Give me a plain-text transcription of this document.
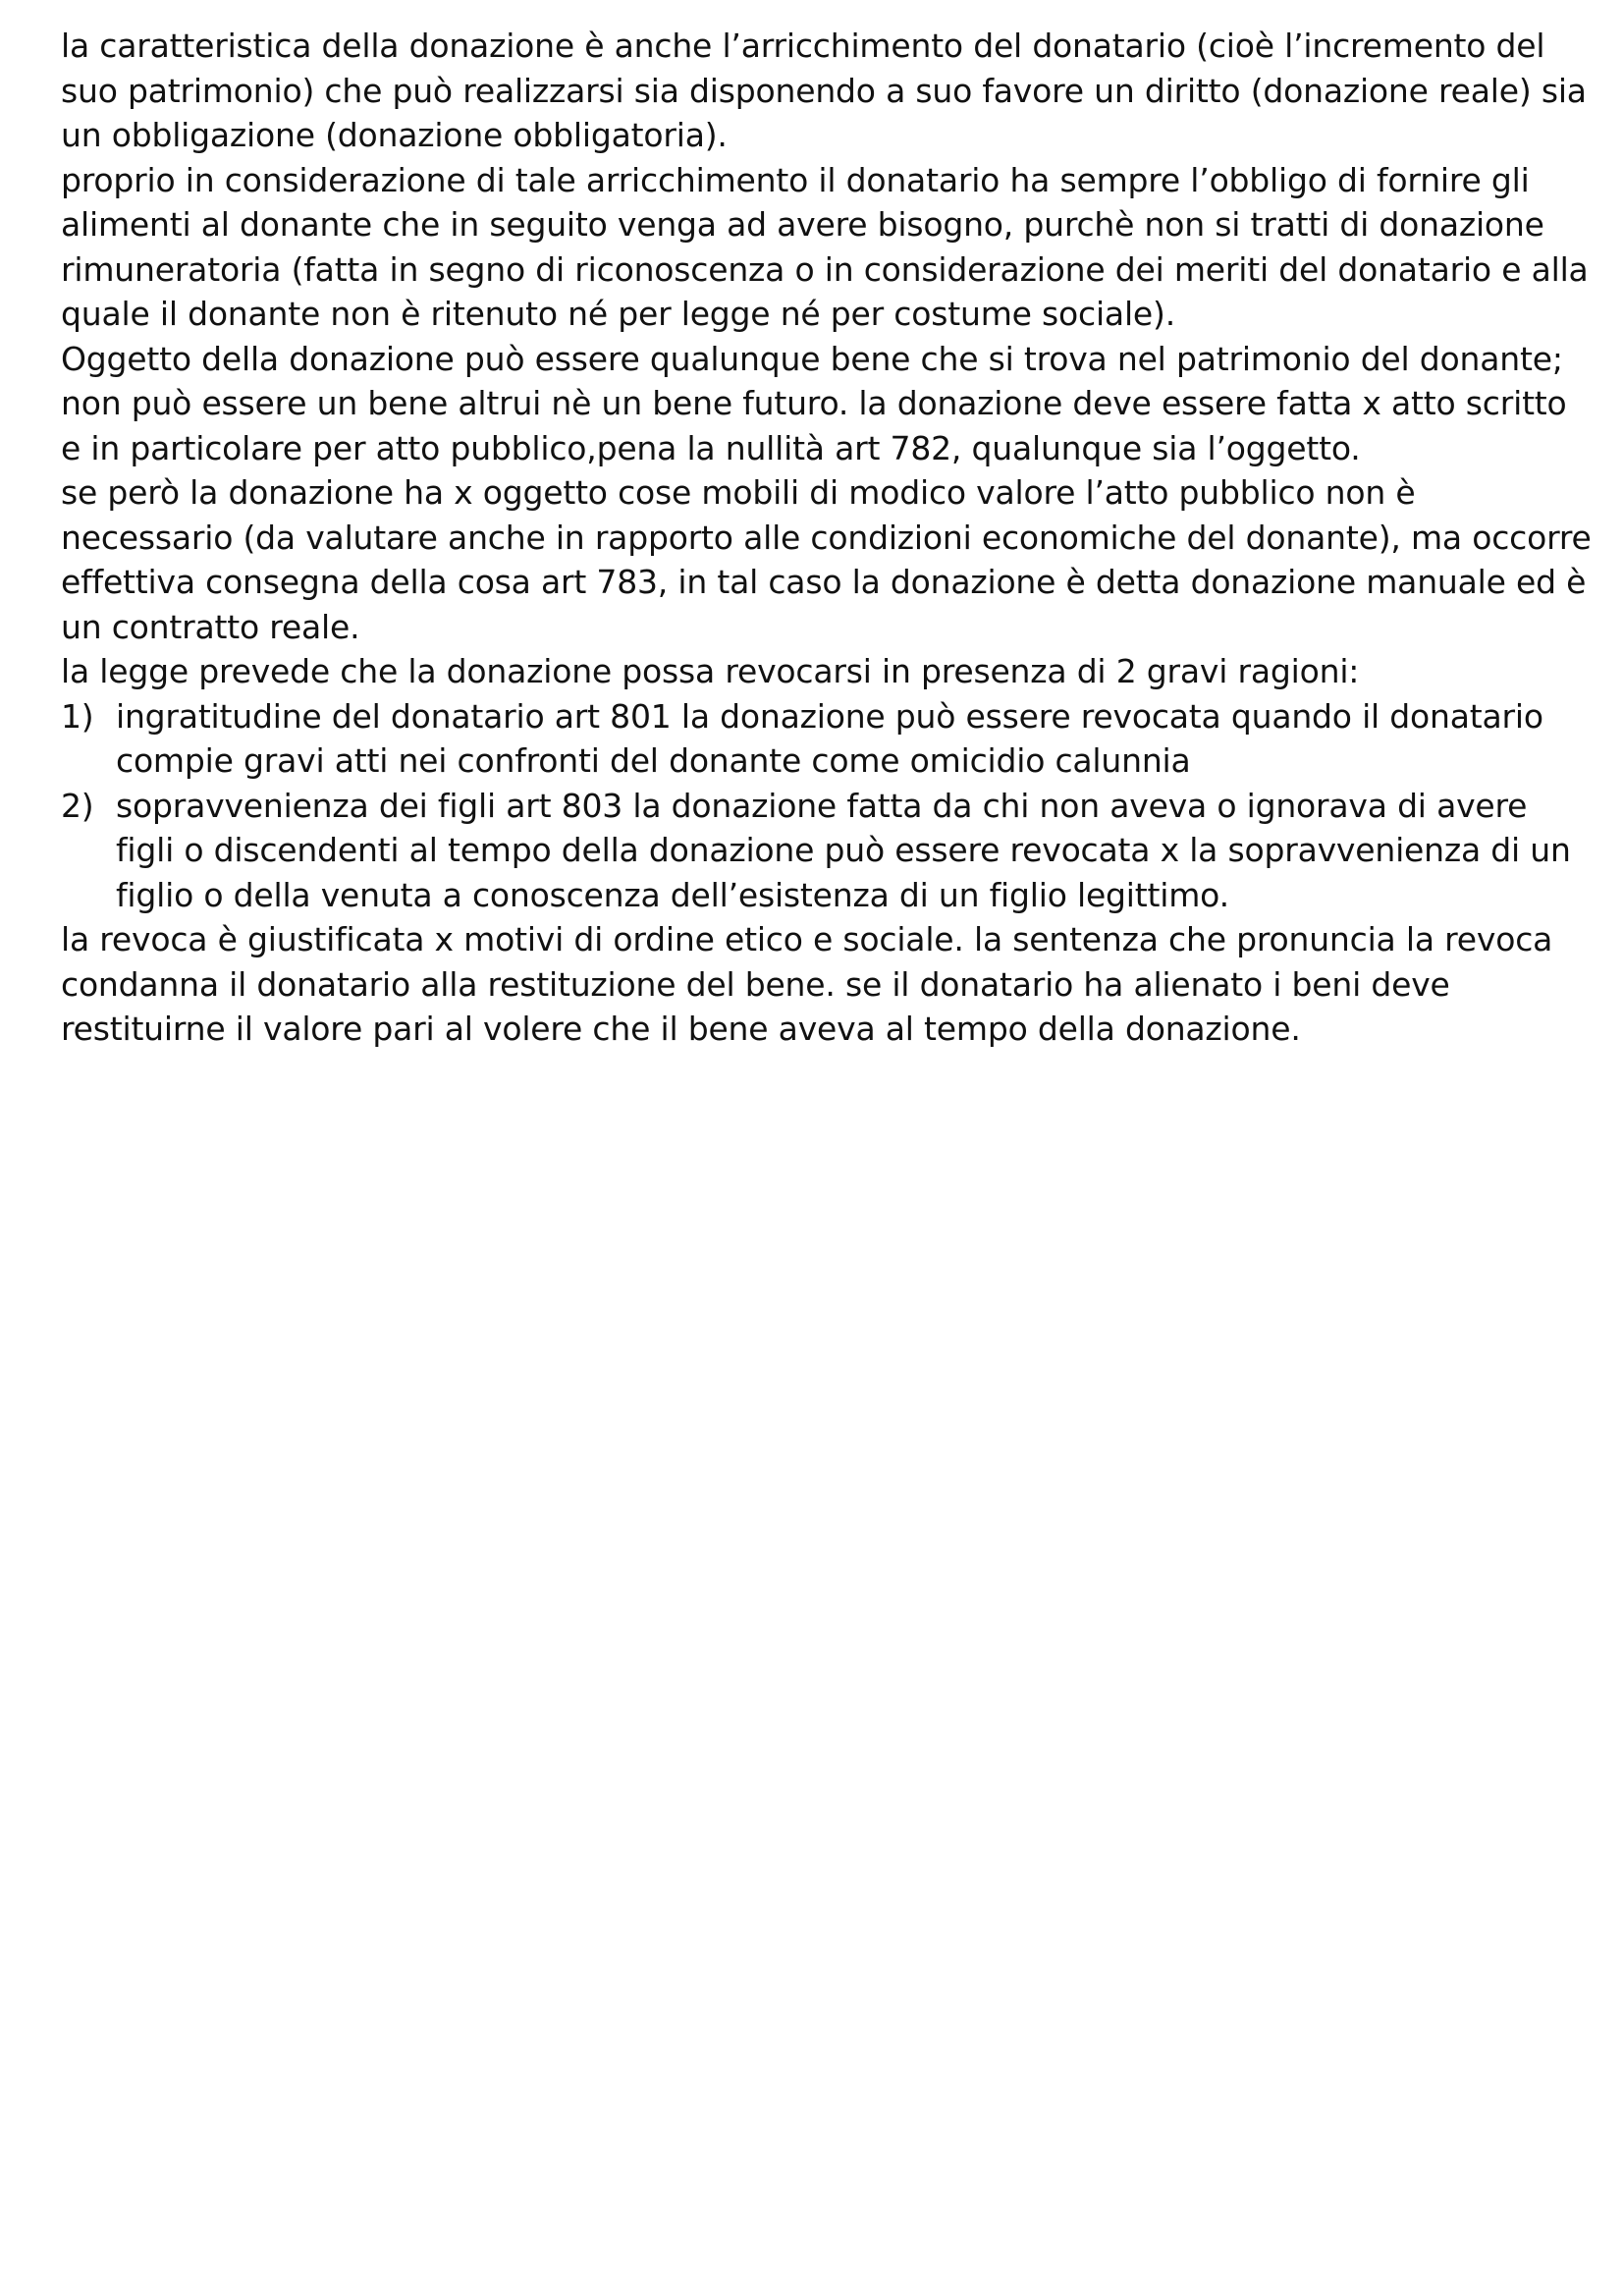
la caratteristica della donazione è anche l’arricchimento del donatario (cioè l’incremento del suo patrimonio) che può realizzarsi sia disponendo a suo favore un diritto (donazione reale) sia un obbligazione (donazione obbligatoria).

proprio in considerazione di tale arricchimento il donatario ha sempre l’obbligo di fornire gli alimenti al donante che in seguito venga ad avere bisogno, purchè non si tratti di donazione rimuneratoria (fatta in segno di riconoscenza o in considerazione dei meriti del donatario e alla quale il donante non è ritenuto né per legge né per costume sociale).

Oggetto della donazione può essere qualunque bene che si trova nel patrimonio del donante; non può essere un bene altrui nè un bene futuro. la donazione deve essere fatta x atto scritto e in particolare per atto pubblico,pena la nullità art 782, qualunque sia l’oggetto.

se però la donazione ha x oggetto cose mobili di modico valore l’atto pubblico non è necessario (da valutare anche in rapporto alle condizioni economiche del donante), ma occorre effettiva consegna della cosa art 783, in tal caso la donazione è detta donazione manuale ed è un contratto reale.

la legge prevede che la donazione possa revocarsi in presenza di 2 gravi ragioni:

1) ingratitudine del donatario art 801 la donazione può essere revocata quando il donatario compie gravi atti nei confronti del donante come omicidio calunnia
2) sopravvenienza dei figli art 803 la donazione fatta da chi non aveva o ignorava di avere figli o discendenti al tempo della donazione può essere revocata x la sopravvenienza di un figlio o della venuta a conoscenza dell’esistenza di un figlio legittimo.

la revoca è giustificata x motivi di ordine etico e sociale. la sentenza che pronuncia la revoca condanna il donatario alla restituzione del bene. se il donatario ha alienato i beni deve restituirne il valore pari al volere che il bene aveva al tempo della donazione.
